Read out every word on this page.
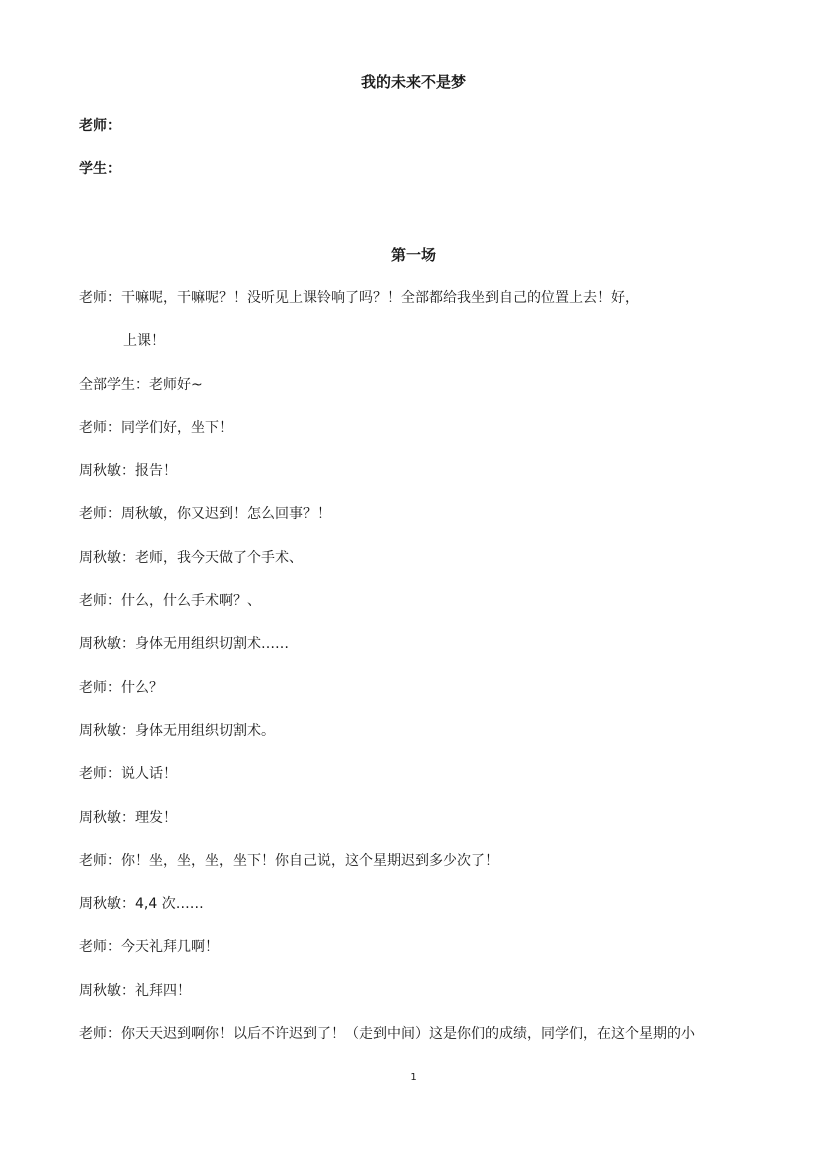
我的未来不是梦
老师：
学生：
第一场
老师：干嘛呢，干嘛呢？！没听见上课铃响了吗？！全部都给我坐到自己的位置上去！好，
上课！
全部学生：老师好~
老师：同学们好，坐下！
周秋敏：报告！
老师：周秋敏，你又迟到！怎么回事？！
周秋敏：老师，我今天做了个手术、
老师：什么，什么手术啊？、
周秋敏：身体无用组织切割术……
老师：什么？
周秋敏：身体无用组织切割术。
老师：说人话！
周秋敏：理发！
老师：你！坐，坐，坐，坐下！你自己说，这个星期迟到多少次了！
周秋敏：4,4 次……
老师：今天礼拜几啊！
周秋敏：礼拜四！
老师：你天天迟到啊你！以后不许迟到了！（走到中间）这是你们的成绩，同学们，在这个星期的小
1
